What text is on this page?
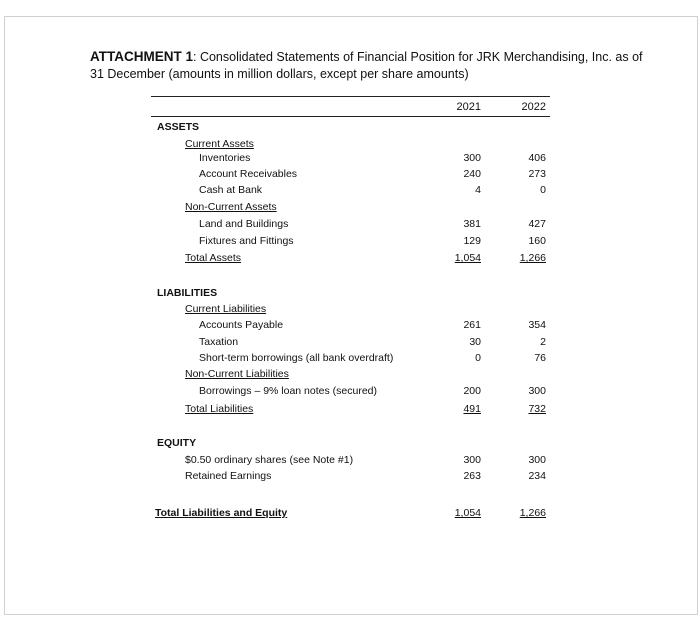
ATTACHMENT 1: Consolidated Statements of Financial Position for JRK Merchandising, Inc. as of 31 December (amounts in million dollars, except per share amounts)
2021	2022
ASSETS
Current Assets
Inventories	300	406
Account Receivables	240	273
Cash at Bank	4	0
Non-Current Assets
Land and Buildings	381	427
Fixtures and Fittings	129	160
Total Assets	1,054	1,266
LIABILITIES
Current Liabilities
Accounts Payable	261	354
Taxation	30	2
Short-term borrowings (all bank overdraft)	0	76
Non-Current Liabilities
Borrowings – 9% loan notes (secured)	200	300
Total Liabilities	491	732
EQUITY
$0.50 ordinary shares (see Note #1)	300	300
Retained Earnings	263	234
Total Liabilities and Equity	1,054	1,266
